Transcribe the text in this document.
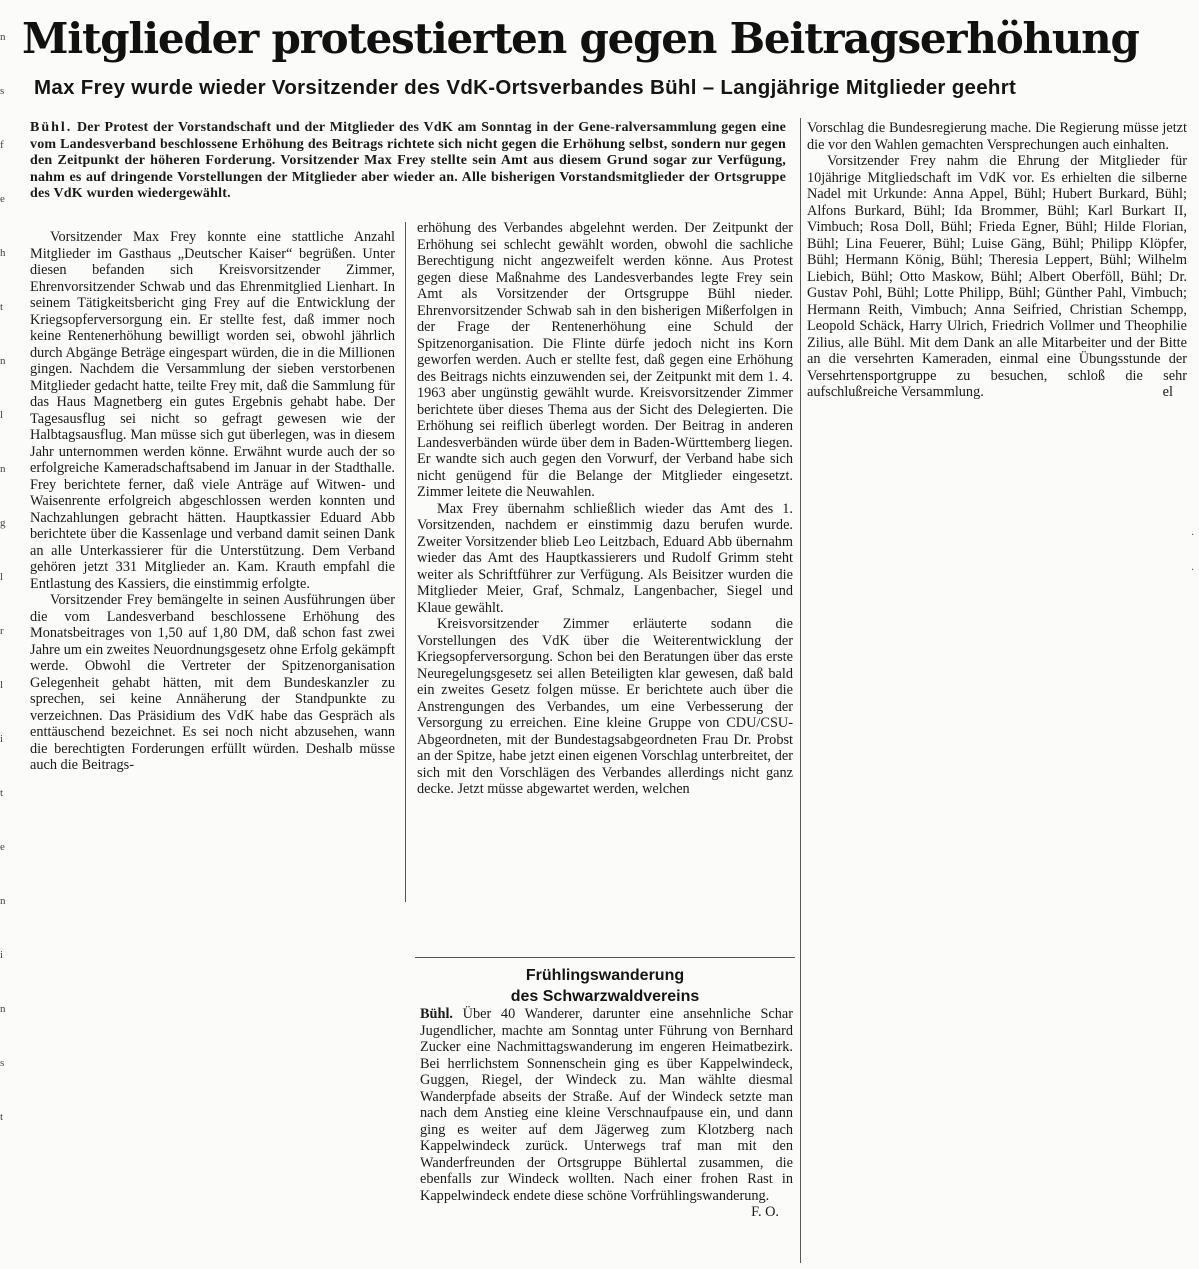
n
s
f
e
h
t
n
l
n
g
l
r
l
i
t
e
n
i
n
s
t
Mitglieder protestierten gegen Beitragserhöhung
Max Frey wurde wieder Vorsitzender des VdK-Ortsverbandes Bühl – Langjährige Mitglieder geehrt

Bühl. Der Protest der Vorstandschaft und der Mitglieder des VdK am Sonntag in der Gene-ralversammlung gegen eine vom Landesverband beschlossene Erhöhung des Beitrags richtete sich nicht gegen die Erhöhung selbst, sondern nur gegen den Zeitpunkt der höheren Forderung. Vorsitzender Max Frey stellte sein Amt aus diesem Grund sogar zur Verfügung, nahm es auf dringende Vorstellungen der Mitglieder aber wieder an. Alle bisherigen Vorstandsmitglieder der Ortsgruppe des VdK wurden wiedergewählt.

Vorsitzender Max Frey konnte eine stattliche Anzahl Mitglieder im Gasthaus „Deutscher Kaiser“ begrüßen. Unter diesen befanden sich Kreisvorsitzender Zimmer, Ehrenvorsitzender Schwab und das Ehrenmitglied Lienhart. In seinem Tätigkeitsbericht ging Frey auf die Entwicklung der Kriegsopferversorgung ein. Er stellte fest, daß immer noch keine Rentenerhöhung bewilligt worden sei, obwohl jährlich durch Abgänge Beträge eingespart würden, die in die Millionen gingen. Nachdem die Versammlung der sieben verstorbenen Mitglieder gedacht hatte, teilte Frey mit, daß die Sammlung für das Haus Magnetberg ein gutes Ergebnis gehabt habe. Der Tagesausflug sei nicht so gefragt gewesen wie der Halbtagsausflug. Man müsse sich gut überlegen, was in diesem Jahr unternommen werden könne. Erwähnt wurde auch der so erfolgreiche Kameradschaftsabend im Januar in der Stadthalle. Frey berichtete ferner, daß viele Anträge auf Witwen- und Waisenrente erfolgreich abgeschlossen werden konnten und Nachzahlungen gebracht hätten. Hauptkassier Eduard Abb berichtete über die Kassenlage und verband damit seinen Dank an alle Unterkassierer für die Unterstützung. Dem Verband gehören jetzt 331 Mitglieder an. Kam. Krauth empfahl die Entlastung des Kassiers, die einstimmig erfolgte.

Vorsitzender Frey bemängelte in seinen Ausführungen über die vom Landesverband beschlossene Erhöhung des Monatsbeitrages von 1,50 auf 1,80 DM, daß schon fast zwei Jahre um ein zweites Neuordnungsgesetz ohne Erfolg gekämpft werde. Obwohl die Vertreter der Spitzenorganisation Gelegenheit gehabt hätten, mit dem Bundeskanzler zu sprechen, sei keine Annäherung der Standpunkte zu verzeichnen. Das Präsidium des VdK habe das Gespräch als enttäuschend bezeichnet. Es sei noch nicht abzusehen, wann die berechtigten Forderungen erfüllt würden. Deshalb müsse auch die Beitrags-

erhöhung des Verbandes abgelehnt werden. Der Zeitpunkt der Erhöhung sei schlecht gewählt worden, obwohl die sachliche Berechtigung nicht angezweifelt werden könne. Aus Protest gegen diese Maßnahme des Landesverbandes legte Frey sein Amt als Vorsitzender der Ortsgruppe Bühl nieder. Ehrenvorsitzender Schwab sah in den bisherigen Mißerfolgen in der Frage der Rentenerhöhung eine Schuld der Spitzenorganisation. Die Flinte dürfe jedoch nicht ins Korn geworfen werden. Auch er stellte fest, daß gegen eine Erhöhung des Beitrags nichts einzuwenden sei, der Zeitpunkt mit dem 1. 4. 1963 aber ungünstig gewählt wurde. Kreisvorsitzender Zimmer berichtete über dieses Thema aus der Sicht des Delegierten. Die Erhöhung sei reiflich überlegt worden. Der Beitrag in anderen Landesverbänden würde über dem in Baden-Württemberg liegen. Er wandte sich auch gegen den Vorwurf, der Verband habe sich nicht genügend für die Belange der Mitglieder eingesetzt. Zimmer leitete die Neuwahlen.

Max Frey übernahm schließlich wieder das Amt des 1. Vorsitzenden, nachdem er einstimmig dazu berufen wurde. Zweiter Vorsitzender blieb Leo Leitzbach, Eduard Abb übernahm wieder das Amt des Hauptkassierers und Rudolf Grimm steht weiter als Schriftführer zur Verfügung. Als Beisitzer wurden die Mitglieder Meier, Graf, Schmalz, Langenbacher, Siegel und Klaue gewählt.

Kreisvorsitzender Zimmer erläuterte sodann die Vorstellungen des VdK über die Weiterentwicklung der Kriegsopferversorgung. Schon bei den Beratungen über das erste Neuregelungsgesetz sei allen Beteiligten klar gewesen, daß bald ein zweites Gesetz folgen müsse. Er berichtete auch über die Anstrengungen des Verbandes, um eine Verbesserung der Versorgung zu erreichen. Eine kleine Gruppe von CDU/CSU-Abgeordneten, mit der Bundestagsabgeordneten Frau Dr. Probst an der Spitze, habe jetzt einen eigenen Vorschlag unterbreitet, der sich mit den Vorschlägen des Verbandes allerdings nicht ganz decke. Jetzt müsse abgewartet werden, welchen

Vorschlag die Bundesregierung mache. Die Regierung müsse jetzt die vor den Wahlen gemachten Versprechungen auch einhalten.

Vorsitzender Frey nahm die Ehrung der Mitglieder für 10jährige Mitgliedschaft im VdK vor. Es erhielten die silberne Nadel mit Urkunde: Anna Appel, Bühl; Hubert Burkard, Bühl; Alfons Burkard, Bühl; Ida Brommer, Bühl; Karl Burkart II, Vimbuch; Rosa Doll, Bühl; Frieda Egner, Bühl; Hilde Florian, Bühl; Lina Feuerer, Bühl; Luise Gäng, Bühl; Philipp Klöpfer, Bühl; Hermann König, Bühl; Theresia Leppert, Bühl; Wilhelm Liebich, Bühl; Otto Maskow, Bühl; Albert Oberföll, Bühl; Dr. Gustav Pohl, Bühl; Lotte Philipp, Bühl; Günther Pahl, Vimbuch; Hermann Reith, Vimbuch; Anna Seifried, Christian Schempp, Leopold Schäck, Harry Ulrich, Friedrich Vollmer und Theophilie Zilius, alle Bühl. Mit dem Dank an alle Mitarbeiter und der Bitte an die versehrten Kameraden, einmal eine Übungsstunde der Versehrtensportgruppe zu besuchen, schloß die sehr aufschlußreiche Versammlung.	el

Frühlingswanderung
des Schwarzwaldvereins

Bühl. Über 40 Wanderer, darunter eine ansehnliche Schar Jugendlicher, machte am Sonntag unter Führung von Bernhard Zucker eine Nachmittagswanderung im engeren Heimatbezirk. Bei herrlichstem Sonnenschein ging es über Kappelwindeck, Guggen, Riegel, der Windeck zu. Man wählte diesmal Wanderpfade abseits der Straße. Auf der Windeck setzte man nach dem Anstieg eine kleine Verschnaufpause ein, und dann ging es weiter auf dem Jägerweg zum Klotzberg nach Kappelwindeck zurück. Unterwegs traf man mit den Wanderfreunden der Ortsgruppe Bühlertal zusammen, die ebenfalls zur Windeck wollten. Nach einer frohen Rast in Kappelwindeck endete diese schöne Vorfrühlingswanderung.
F. O.

·
·
